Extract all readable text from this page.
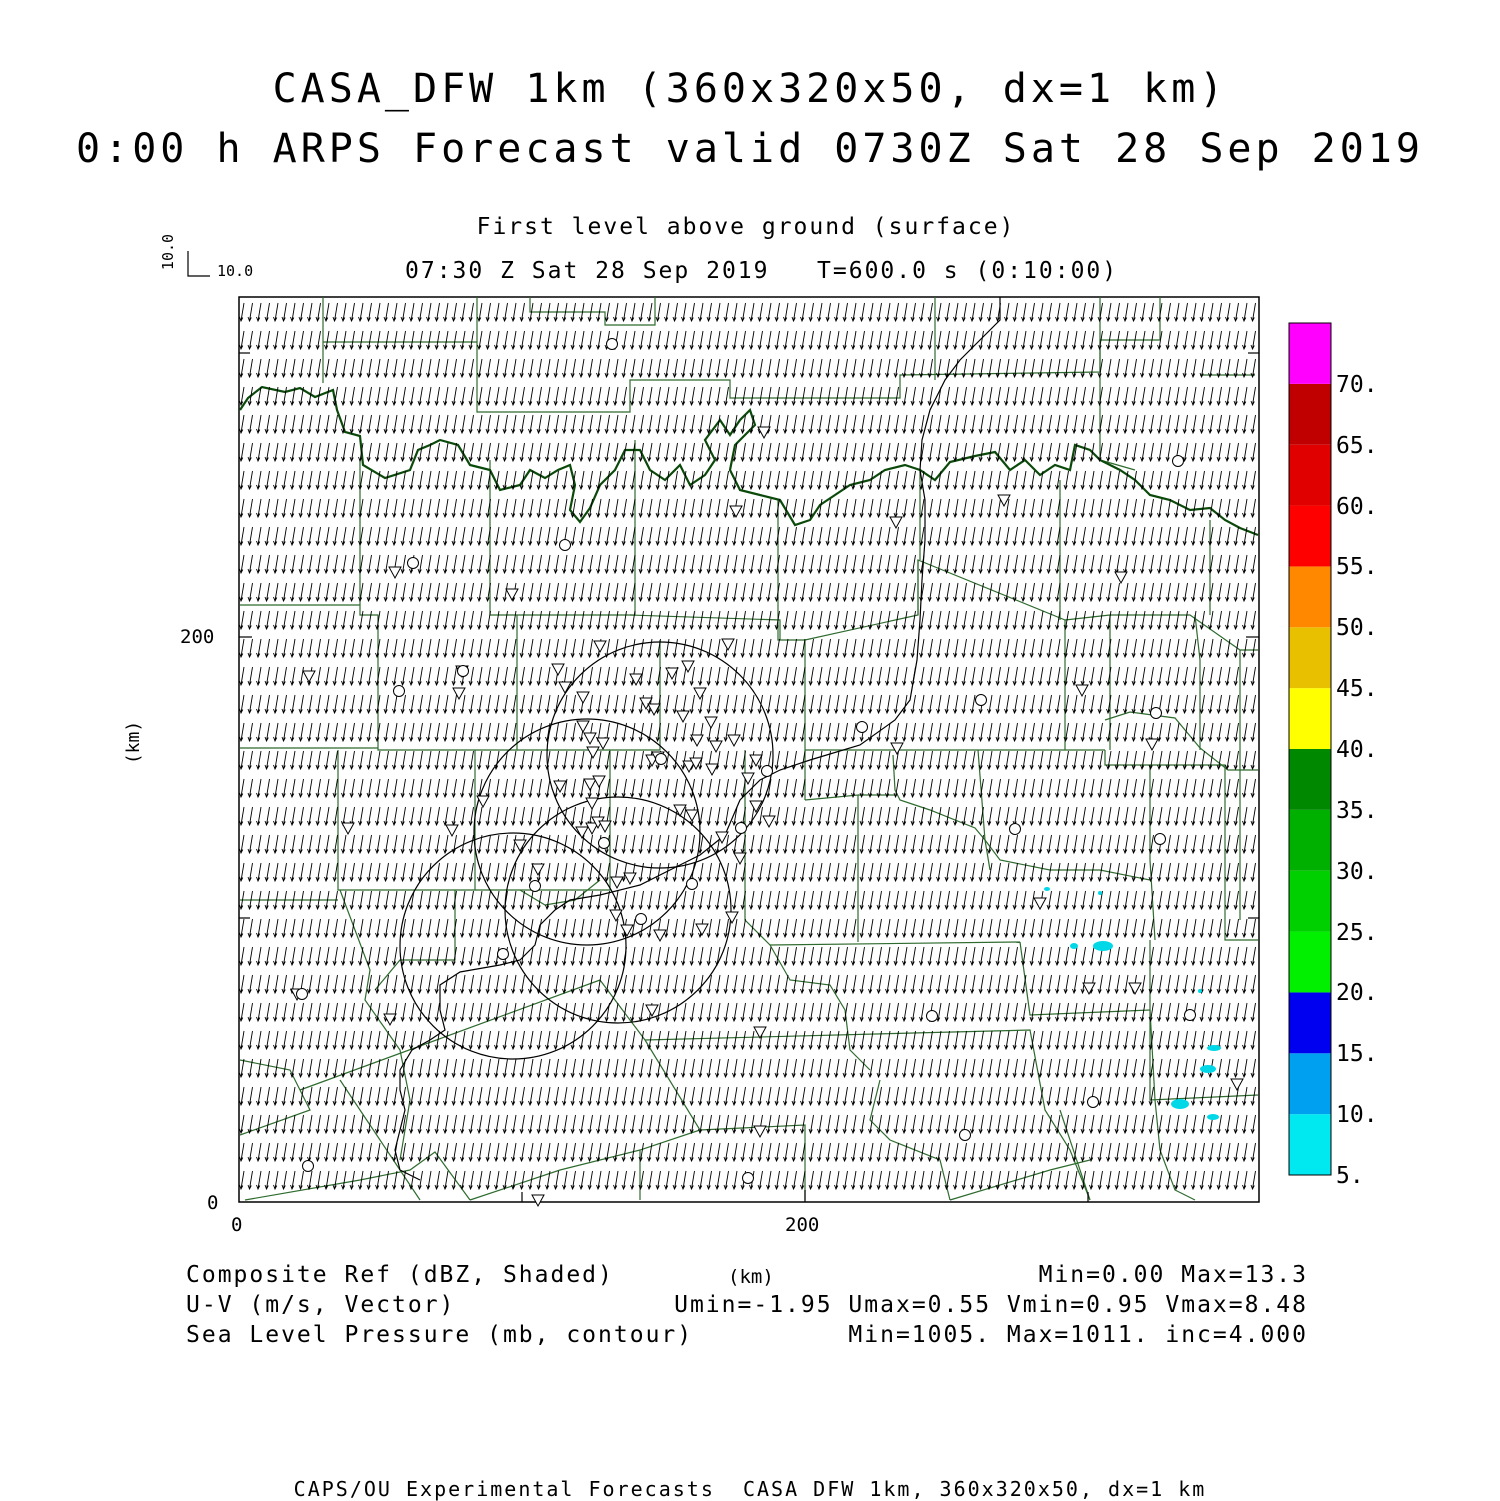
CASA_DFW 1km (360x320x50, dx=1 km)
0:00 h ARPS Forecast valid 0730Z Sat 28 Sep 2019
First level above ground (surface)
07:30 Z Sat 28 Sep 2019   T=600.0 s (0:10:00)
10.0
10.0
(km)
(km)
0	200
0
200
5.
10.
15.
20.
25.
30.
35.
40.
45.
50.
55.
60.
65.
70.
Composite Ref (dBZ, Shaded)
U-V (m/s, Vector)
Sea Level Pressure (mb, contour)
Min=0.00 Max=13.3
Umin=-1.95 Umax=0.55 Vmin=0.95 Vmax=8.48
Min=1005. Max=1011. inc=4.000
CAPS/OU Experimental Forecasts  CASA DFW 1km, 360x320x50, dx=1 km
